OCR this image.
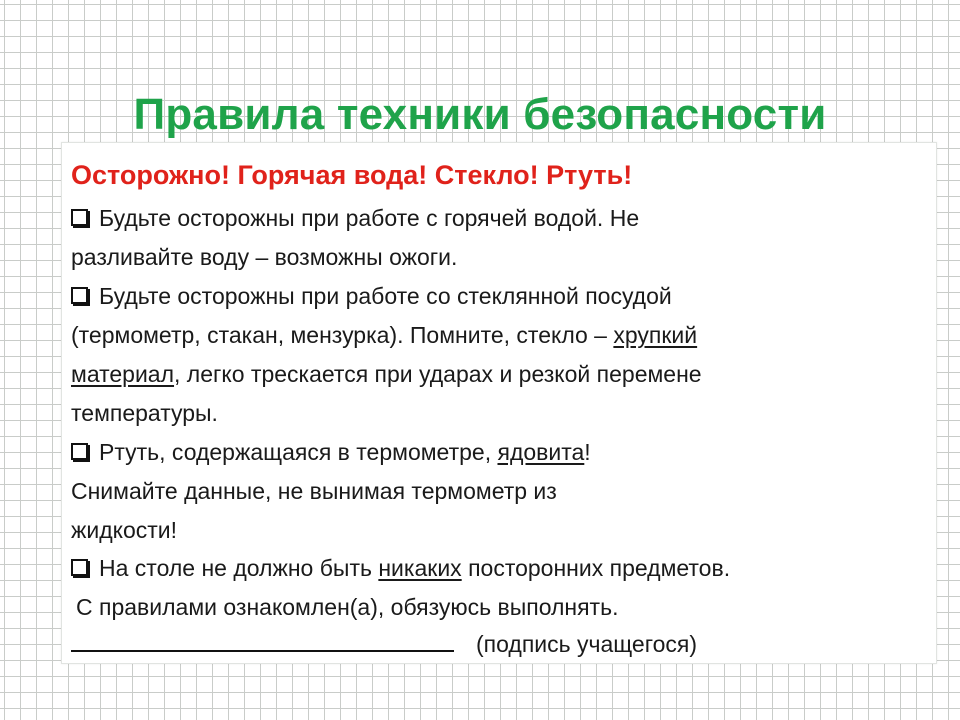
Правила техники безопасности

Осторожно! Горячая вода! Стекло! Ртуть!

Будьте осторожны при работе с горячей водой. Не
разливайте воду – возможны ожоги.
Будьте осторожны при работе со стеклянной посудой
(термометр, стакан, мензурка). Помните, стекло – хрупкий
материал, легко трескается при ударах и резкой перемене
температуры.
Ртуть, содержащаяся в термометре, ядовита!
Снимайте данные, не вынимая термометр из
жидкости!
На столе не должно быть никаких посторонних предметов.
С правилами ознакомлен(а), обязуюсь выполнять.
(подпись учащегося)
